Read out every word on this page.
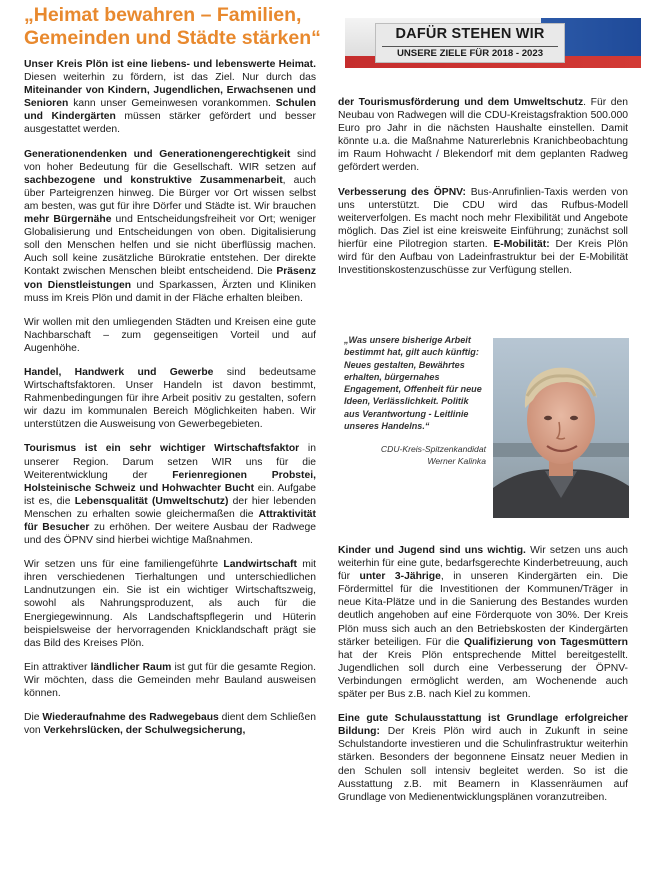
„Heimat bewahren – Familien, Gemeinden und Städte stärken“	DAFÜR STEHEN WIR
UNSERE ZIELE FÜR 2018 - 2023

Unser Kreis Plön ist eine liebens- und lebenswerte Heimat. Diesen weiterhin zu fördern, ist das Ziel. Nur durch das Miteinander von Kindern, Jugendlichen, Erwachsenen und Senioren kann unser Gemeinwesen vorankommen. Schulen und Kindergärten müssen stärker gefördert und besser ausgestattet werden.

Generationendenken und Generationengerechtigkeit sind von hoher Bedeutung für die Gesellschaft. WIR setzen auf sachbezogene und konstruktive Zusammenarbeit, auch über Parteigrenzen hinweg. Die Bürger vor Ort wissen selbst am besten, was gut für ihre Dörfer und Städte ist. Wir brauchen mehr Bürgernähe und Entscheidungsfreiheit vor Ort; weniger Globalisierung und Entscheidungen von oben. Digitalisierung soll den Menschen helfen und sie nicht überflüssig machen. Auch soll keine zusätzliche Bürokratie entstehen. Der direkte Kontakt zwischen Menschen bleibt entscheidend. Die Präsenz von Dienstleistungen und Sparkassen, Ärzten und Kliniken muss im Kreis Plön und damit in der Fläche erhalten bleiben.

Wir wollen mit den umliegenden Städten und Kreisen eine gute Nachbarschaft – zum gegenseitigen Vorteil und auf Augenhöhe.

Handel, Handwerk und Gewerbe sind bedeutsame Wirtschaftsfaktoren. Unser Handeln ist davon bestimmt, Rahmenbedingungen für ihre Arbeit positiv zu gestalten, sofern wir dazu im kommunalen Bereich Möglichkeiten haben. Wir unterstützen die Ausweisung von Gewerbegebieten.

Tourismus ist ein sehr wichtiger Wirtschaftsfaktor in unserer Region. Darum setzen WIR uns für die Weiterentwicklung der Ferienregionen Probstei, Holsteinische Schweiz und Hohwachter Bucht ein. Aufgabe ist es, die Lebensqualität (Umweltschutz) der hier lebenden Menschen zu erhalten sowie gleichermaßen die Attraktivität für Besucher zu erhöhen. Der weitere Ausbau der Radwege und des ÖPNV sind hierbei wichtige Maßnahmen.

Wir setzen uns für eine familiengeführte Landwirtschaft mit ihren verschiedenen Tierhaltungen und unterschiedlichen Landnutzungen ein. Sie ist ein wichtiger Wirtschaftszweig, sowohl als Nahrungsproduzent, als auch für die Energiegewinnung. Als Landschaftspflegerin und Hüterin beispielsweise der hervorragenden Knicklandschaft prägt sie das Bild des Kreises Plön.

Ein attraktiver ländlicher Raum ist gut für die gesamte Region. Wir möchten, dass die Gemeinden mehr Bauland ausweisen können.

Die Wiederaufnahme des Radwegebaus dient dem Schließen von Verkehrslücken, der Schulwegsicherung,

der Tourismusförderung und dem Umweltschutz. Für den Neubau von Radwegen will die CDU-Kreistagsfraktion 500.000 Euro pro Jahr in die nächsten Haushalte einstellen. Damit könnte u.a. die Maßnahme Naturerlebnis Kranichbeobachtung im Raum Hohwacht / Blekendorf mit dem geplanten Radweg gefördert werden.

Verbesserung des ÖPNV: Bus-Anrufinlien-Taxis werden von uns unterstützt. Die CDU wird das Rufbus-Modell weiterverfolgen. Es macht noch mehr Flexibilität und Angebote möglich. Das Ziel ist eine kreisweite Einführung; zunächst soll hierfür eine Pilotregion starten. E-Mobilität: Der Kreis Plön wird für den Aufbau von Ladeinfrastruktur bei der E-Mobilität Investitionskostenzuschüsse zur Verfügung stellen.

„Was unsere bisherige Arbeit bestimmt hat, gilt auch künftig: Neues gestalten, Bewährtes erhalten, bürgernahes Engagement, Offenheit für neue Ideen, Verlässlichkeit. Politik aus Verantwortung - Leitlinie unseres Handelns.“

CDU-Kreis-Spitzenkandidat
Werner Kalinka

Kinder und Jugend sind uns wichtig. Wir setzen uns auch weiterhin für eine gute, bedarfsgerechte Kinderbetreuung, auch für unter 3-Jährige, in unseren Kindergärten ein. Die Fördermittel für die Investitionen der Kommunen/Träger in neue Kita-Plätze und in die Sanierung des Bestandes wurden deutlich angehoben auf eine Förderquote von 30%. Der Kreis Plön muss sich auch an den Betriebskosten der Kindergärten stärker beteiligen. Für die Qualifizierung von Tagesmüttern hat der Kreis Plön entsprechende Mittel bereitgestellt. Jugendlichen soll durch eine Verbesserung der ÖPNV-Verbindungen ermöglicht werden, am Wochenende auch später per Bus z.B. nach Kiel zu kommen.

Eine gute Schulausstattung ist Grundlage erfolgreicher Bildung: Der Kreis Plön wird auch in Zukunft in seine Schulstandorte investieren und die Schulinfrastruktur weiterhin stärken. Besonders der begonnene Einsatz neuer Medien in den Schulen soll intensiv begleitet werden. So ist die Ausstattung z.B. mit Beamern in Klassenräumen auf Grundlage von Medienentwicklungsplänen voranzutreiben.
